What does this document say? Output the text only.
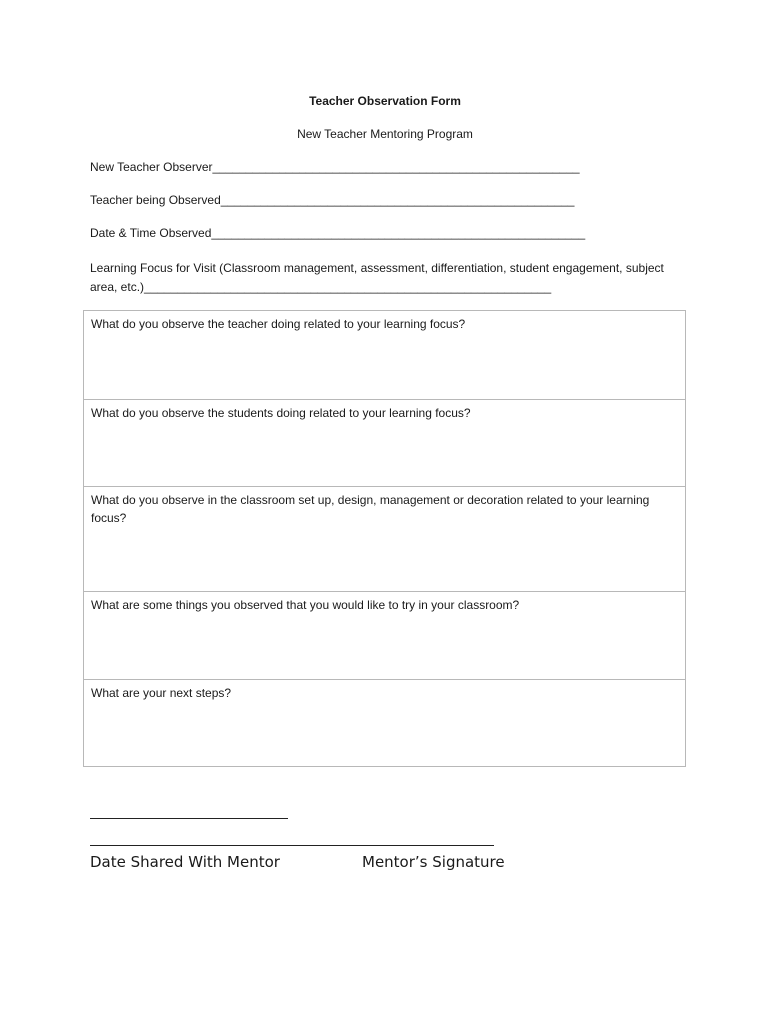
Teacher Observation Form
New Teacher Mentoring Program
New Teacher Observer_______________________________________________________
Teacher being Observed_____________________________________________________
Date & Time Observed________________________________________________________
Learning Focus for Visit (Classroom management, assessment, differentiation, student engagement, subject area, etc.)_____________________________________________________________
What do you observe the teacher doing related to your learning focus?
What do you observe the students doing related to your learning focus?
What do you observe in the classroom set up, design, management or decoration related to your learning focus?
What are some things you observed that you would like to try in your classroom?
What are your next steps?
Date Shared With Mentor	Mentor’s Signature
